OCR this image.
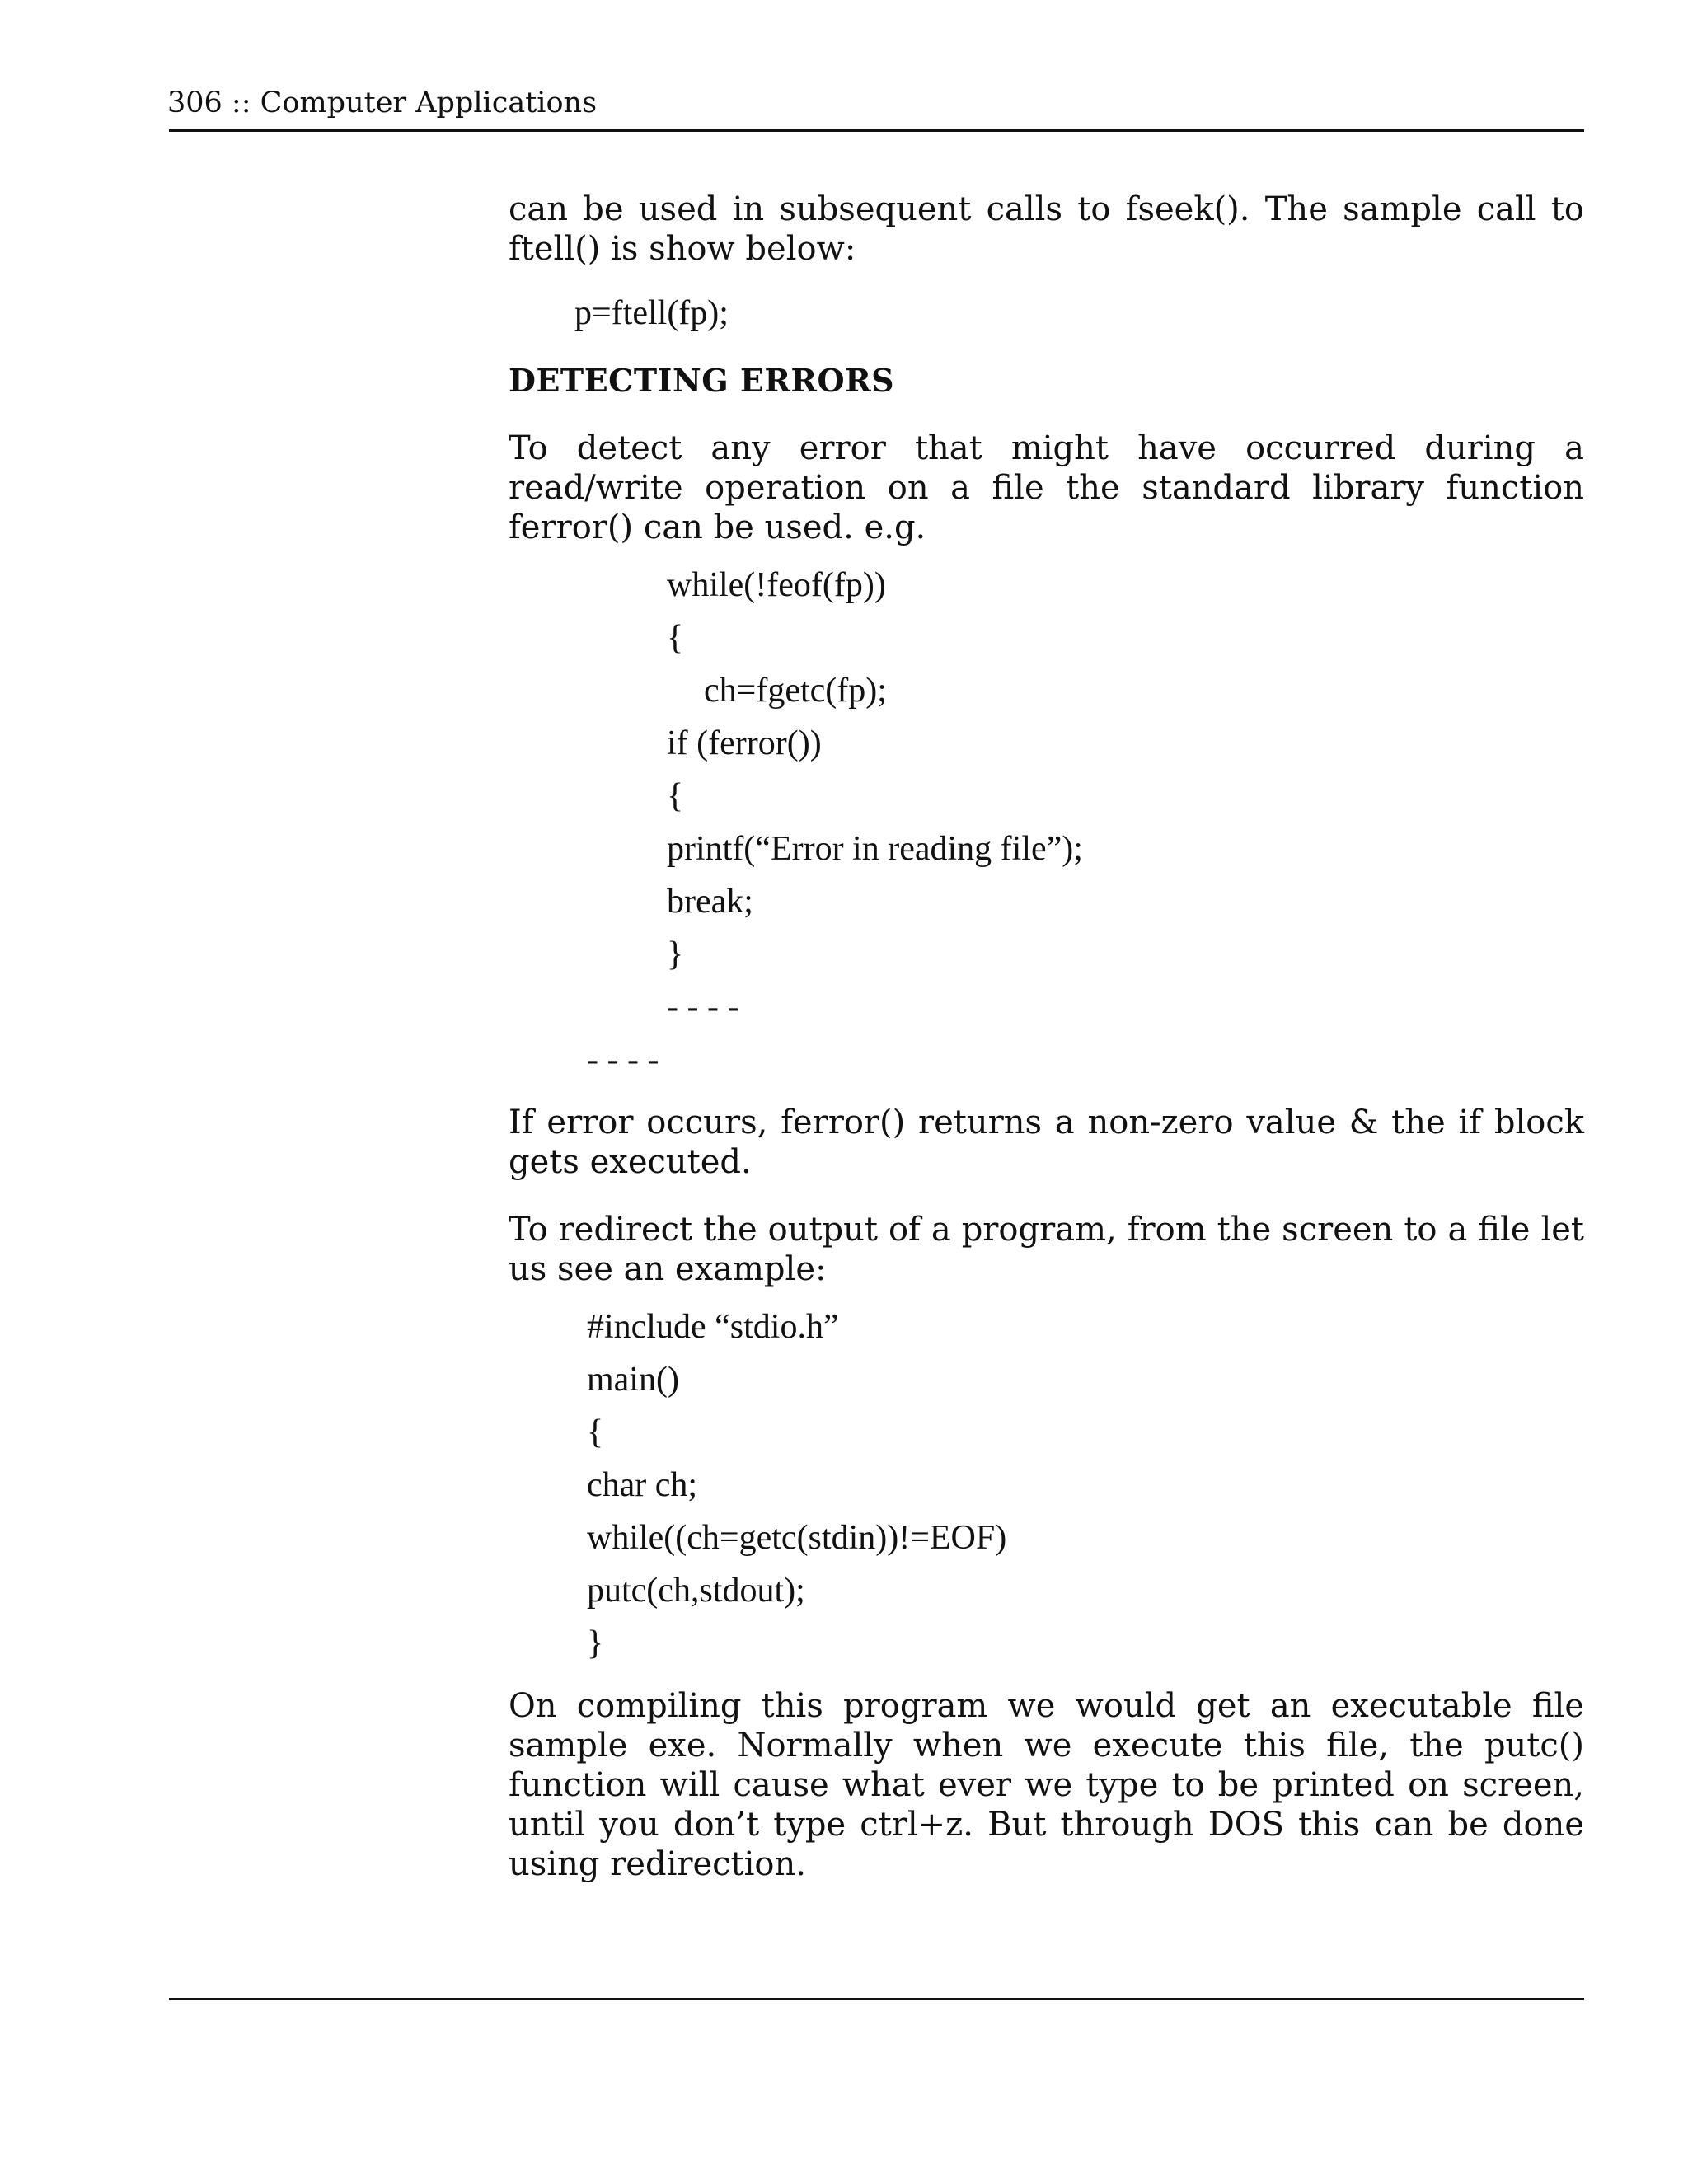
306 :: Computer Applications

can be used in subsequent calls to fseek(). The sample call to ftell() is show below:

p=ftell(fp);

DETECTING ERRORS

To detect any error that might have occurred during a read/write operation on a file the standard library function ferror() can be used. e.g.

while(!feof(fp))

{

ch=fgetc(fp);

if (ferror())

{

printf(“Error in reading file”);

break;

}

- - - -

- - - -

If error occurs, ferror() returns a non-zero value & the if block gets executed.

To redirect the output of a program, from the screen to a file let us see an example:

#include “stdio.h”

main()

{

char ch;

while((ch=getc(stdin))!=EOF)

putc(ch,stdout);

}

On compiling this program we would get an executable file sample exe. Normally when we execute this file, the putc() function will cause what ever we type to be printed on screen, until you don’t type ctrl+z. But through DOS this can be done using redirection.
